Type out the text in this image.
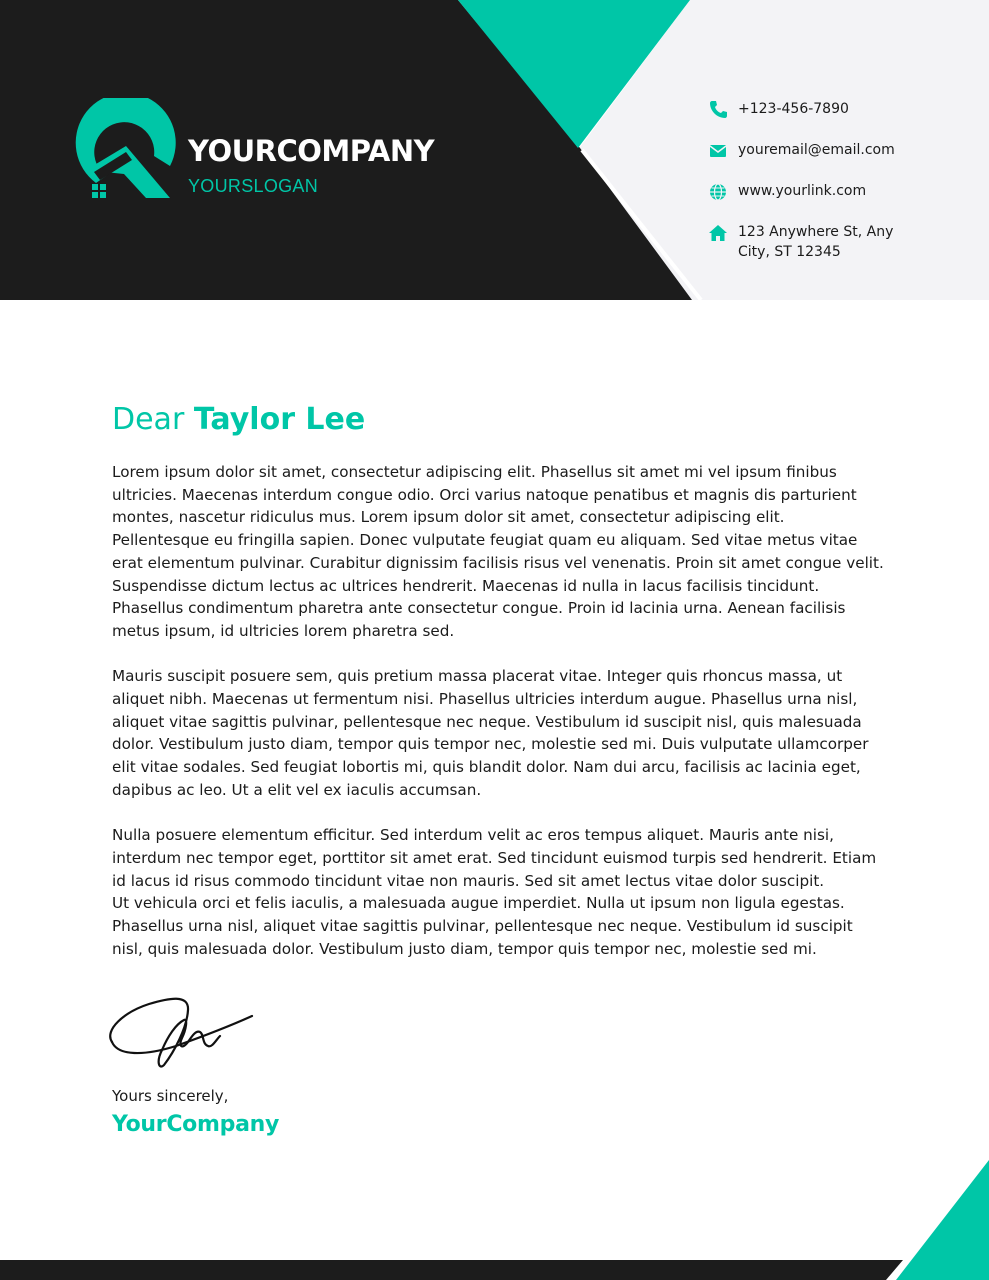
YOURCOMPANY
YOURSLOGAN
+123-456-7890
youremail@email.com
www.yourlink.com
123 Anywhere St, Any
City, ST 12345
Dear Taylor Lee
Lorem ipsum dolor sit amet, consectetur adipiscing elit. Phasellus sit amet mi vel ipsum finibus
ultricies. Maecenas interdum congue odio. Orci varius natoque penatibus et magnis dis parturient
montes, nascetur ridiculus mus. Lorem ipsum dolor sit amet, consectetur adipiscing elit.
Pellentesque eu fringilla sapien. Donec vulputate feugiat quam eu aliquam. Sed vitae metus vitae
erat elementum pulvinar. Curabitur dignissim facilisis risus vel venenatis. Proin sit amet congue velit.
Suspendisse dictum lectus ac ultrices hendrerit. Maecenas id nulla in lacus facilisis tincidunt.
Phasellus condimentum pharetra ante consectetur congue. Proin id lacinia urna. Aenean facilisis
metus ipsum, id ultricies lorem pharetra sed.
Mauris suscipit posuere sem, quis pretium massa placerat vitae. Integer quis rhoncus massa, ut
aliquet nibh. Maecenas ut fermentum nisi. Phasellus ultricies interdum augue. Phasellus urna nisl,
aliquet vitae sagittis pulvinar, pellentesque nec neque. Vestibulum id suscipit nisl, quis malesuada
dolor. Vestibulum justo diam, tempor quis tempor nec, molestie sed mi. Duis vulputate ullamcorper
elit vitae sodales. Sed feugiat lobortis mi, quis blandit dolor. Nam dui arcu, facilisis ac lacinia eget,
dapibus ac leo. Ut a elit vel ex iaculis accumsan.
Nulla posuere elementum efficitur. Sed interdum velit ac eros tempus aliquet. Mauris ante nisi,
interdum nec tempor eget, porttitor sit amet erat. Sed tincidunt euismod turpis sed hendrerit. Etiam
id lacus id risus commodo tincidunt vitae non mauris. Sed sit amet lectus vitae dolor suscipit.
Ut vehicula orci et felis iaculis, a malesuada augue imperdiet. Nulla ut ipsum non ligula egestas.
Phasellus urna nisl, aliquet vitae sagittis pulvinar, pellentesque nec neque. Vestibulum id suscipit
nisl, quis malesuada dolor. Vestibulum justo diam, tempor quis tempor nec, molestie sed mi.
Yours sincerely,
YourCompany
